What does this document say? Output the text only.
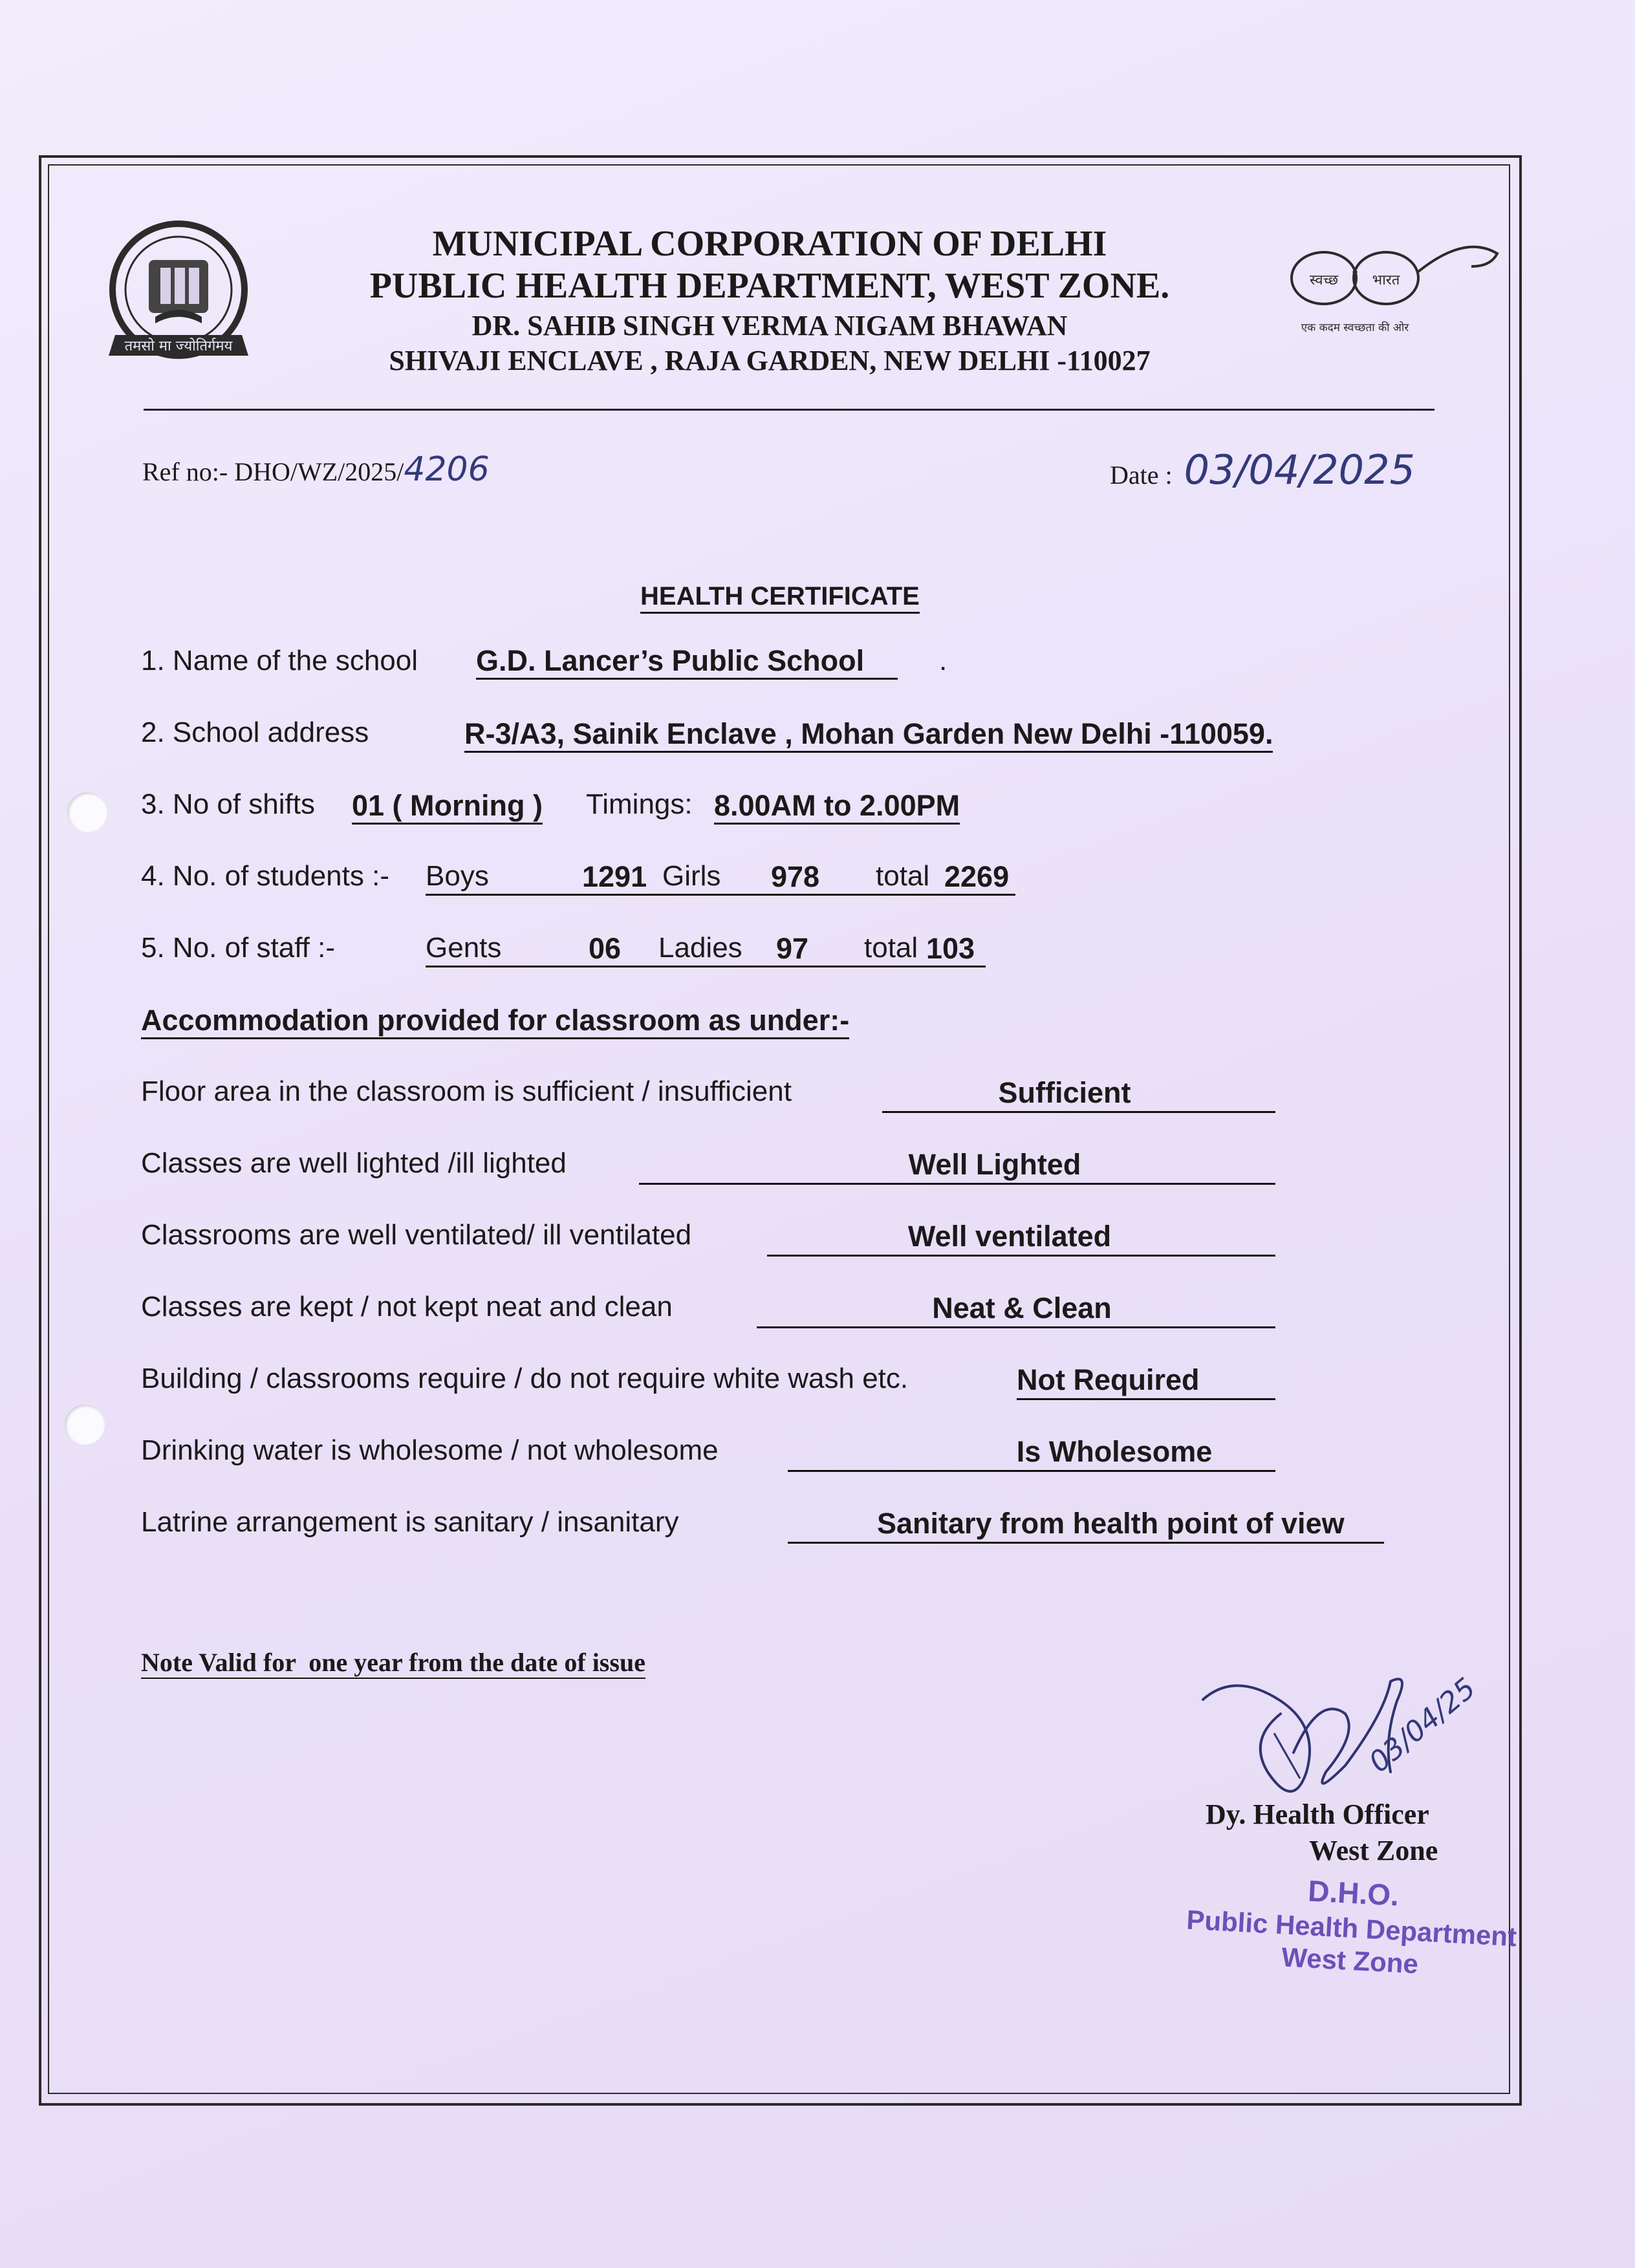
तमसो मा ज्योतिर्गमय
स्वच्छ भारत
एक कदम स्वच्छता की ओर
MUNICIPAL CORPORATION OF DELHI
PUBLIC HEALTH DEPARTMENT, WEST ZONE.
DR. SAHIB SINGH VERMA NIGAM BHAWAN
SHIVAJI ENCLAVE , RAJA GARDEN, NEW DELHI -110027
Ref no:- DHO/WZ/2025/4206	Date : 03/04/2025
HEALTH CERTIFICATE
1. Name of the school G.D. Lancer’s Public School	.
2. School address	R-3/A3, Sainik Enclave , Mohan Garden New Delhi -110059.
3. No of shifts 01 ( Morning ) Timings: 8.00AM to 2.00PM
4. No. of students :- Boys	1291 Girls 978 total 2269
5. No. of staff :-	Gents	06 Ladies 97 total 103
Accommodation provided for classroom as under:-
Floor area in the classroom is sufficient / insufficient	Sufficient
Classes are well lighted /ill lighted	Well Lighted
Classrooms are well ventilated/ ill ventilated	Well ventilated
Classes are kept / not kept neat and clean	Neat & Clean
Building / classrooms require / do not require white wash etc.	Not Required
Drinking water is wholesome / not wholesome	Is Wholesome
Latrine arrangement is sanitary / insanitary	Sanitary from health point of view
Note Valid for  one year from the date of issue
03/04/25
Dy. Health Officer
West Zone
D.H.O.
Public Health Department
West Zone
